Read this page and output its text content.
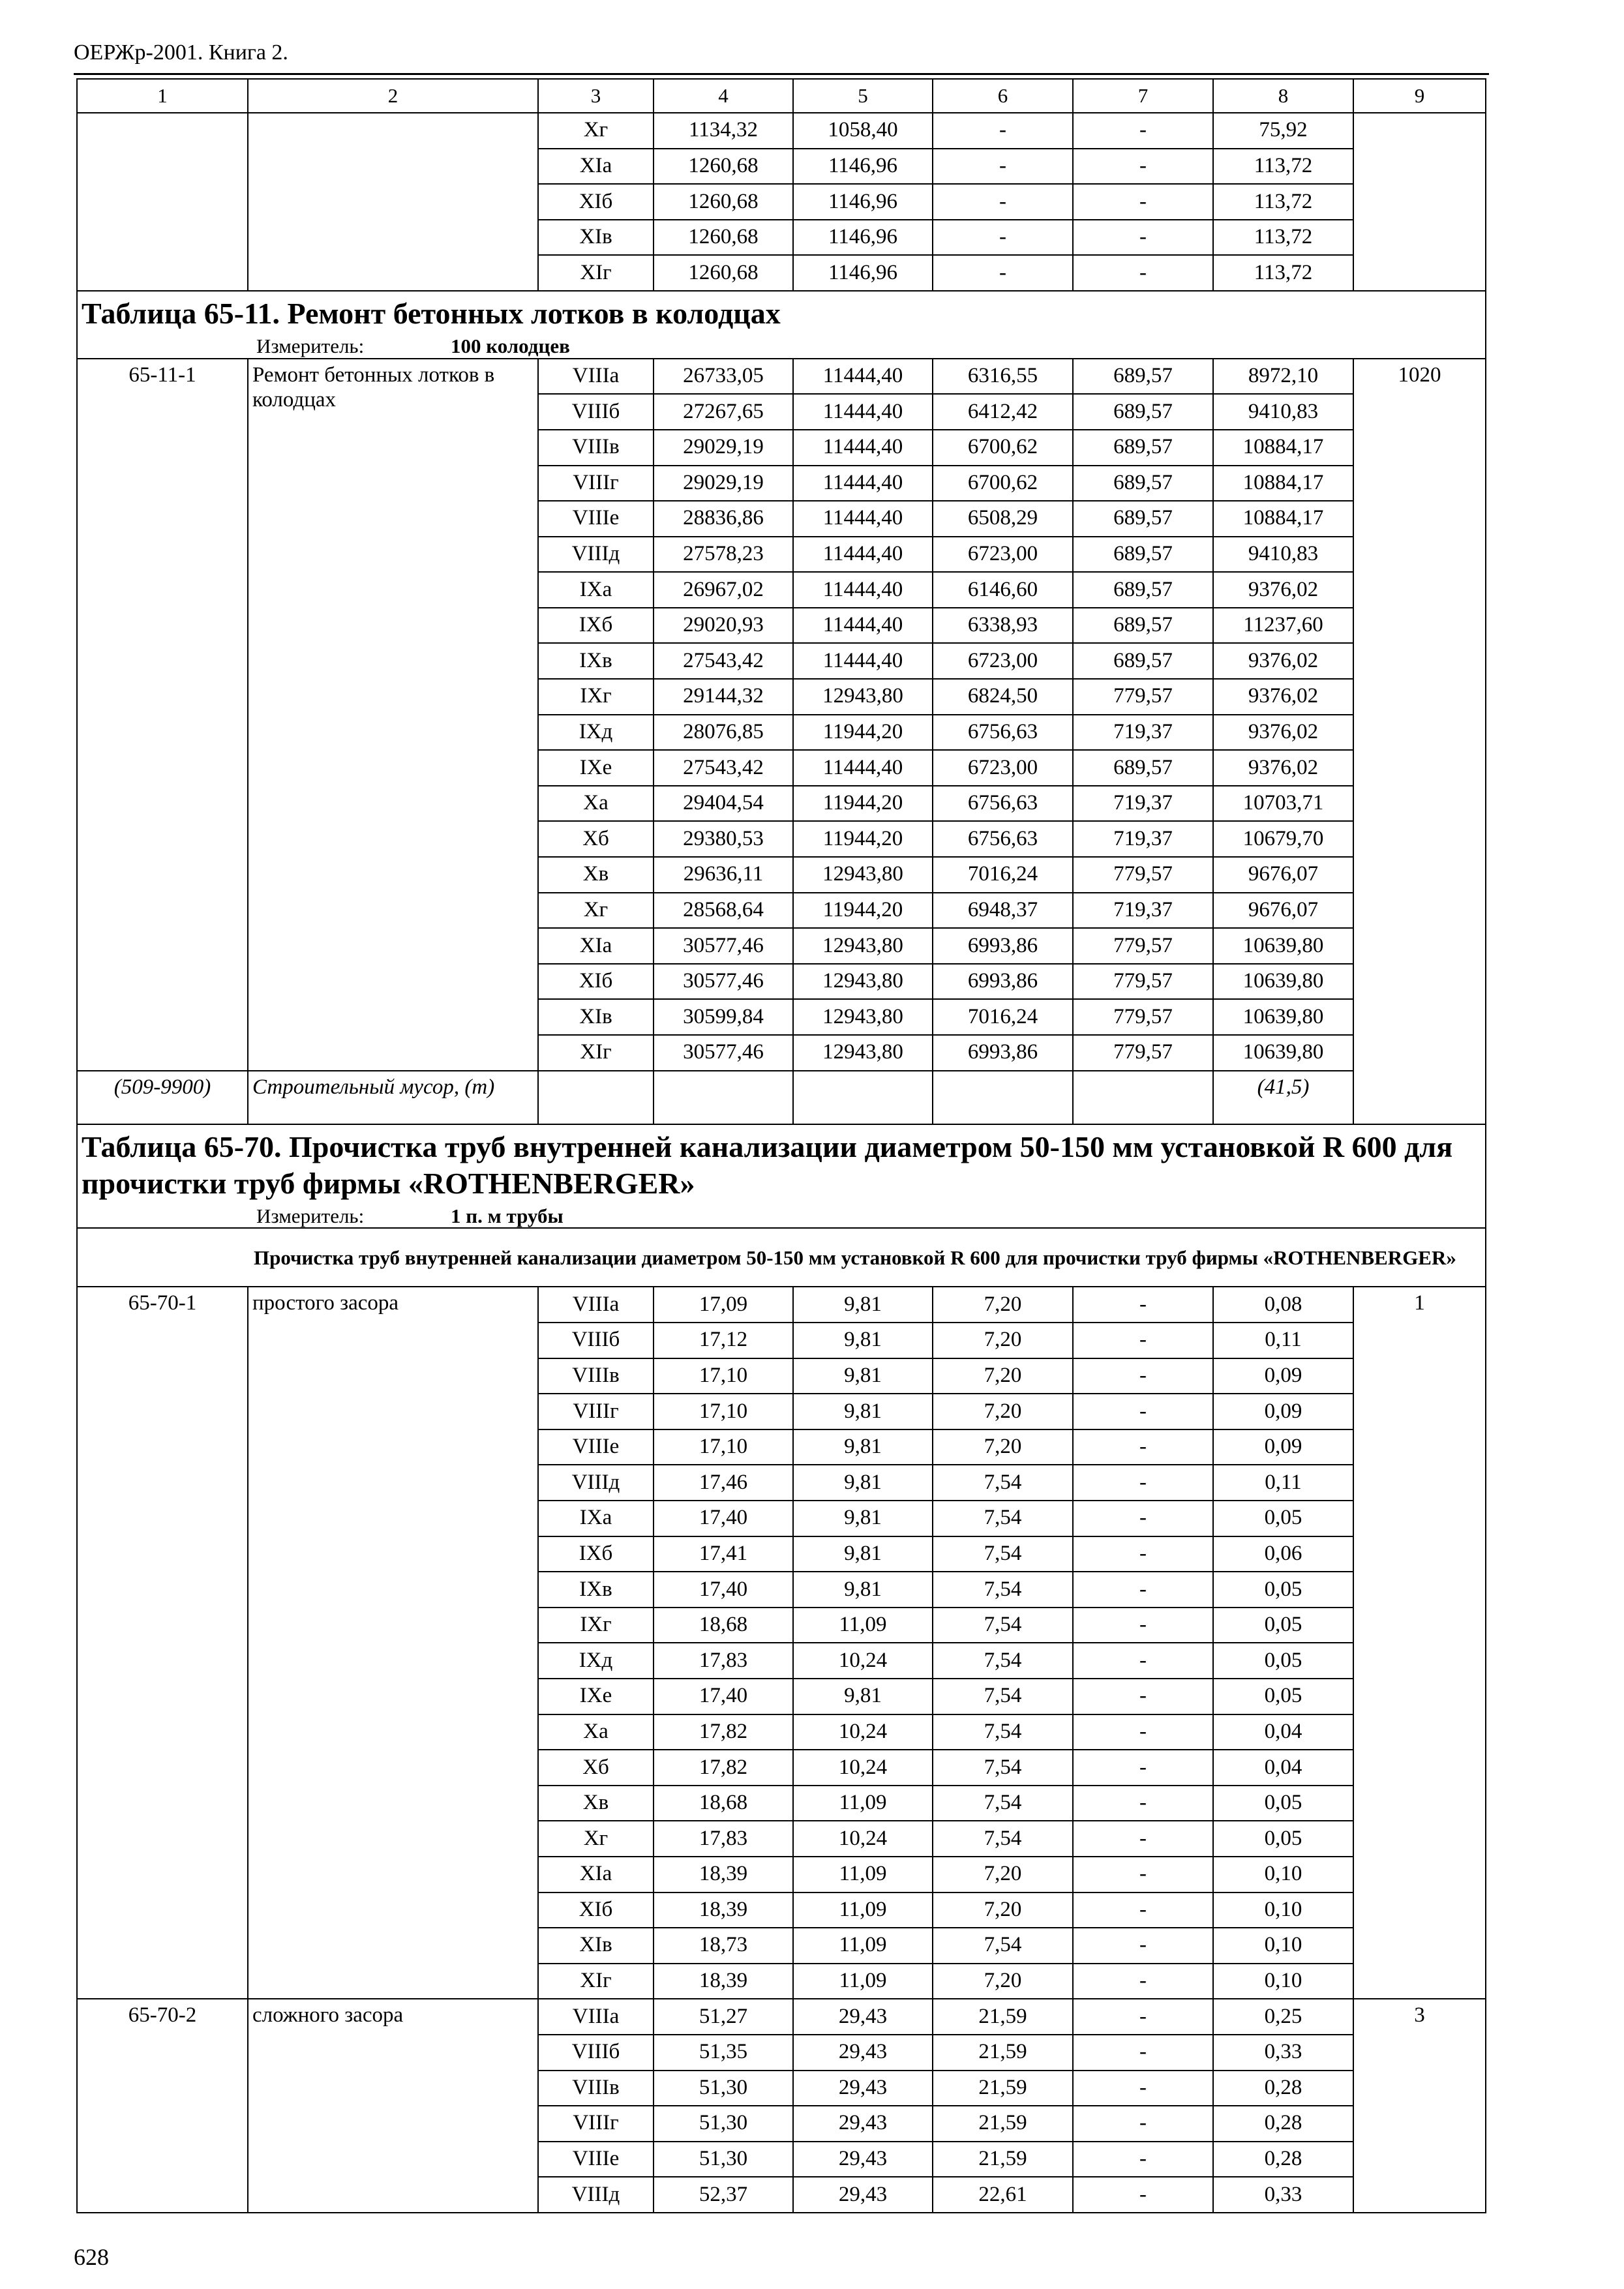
ОЕРЖр-2001. Книга 2.
1	2	3	4	5	6	7	8	9
		Хг	1134,32	1058,40	-	-	75,92	
		XIа	1260,68	1146,96	-	-	113,72	
		XIб	1260,68	1146,96	-	-	113,72	
		XIв	1260,68	1146,96	-	-	113,72	
		XIг	1260,68	1146,96	-	-	113,72	

Таблица 65-11. Ремонт бетонных лотков в колодцах
Измеритель: 100 колодцев								

65-11-1	Ремонт бетонных лотков в колодцах	VIIIа	26733,05	11444,40	6316,55	689,57	8972,10	1020
		VIIIб	27267,65	11444,40	6412,42	689,57	9410,83	
		VIIIв	29029,19	11444,40	6700,62	689,57	10884,17	
		VIIIг	29029,19	11444,40	6700,62	689,57	10884,17	
		VIIIе	28836,86	11444,40	6508,29	689,57	10884,17	
		VIIIд	27578,23	11444,40	6723,00	689,57	9410,83	
		IXа	26967,02	11444,40	6146,60	689,57	9376,02	
		IXб	29020,93	11444,40	6338,93	689,57	11237,60	
		IXв	27543,42	11444,40	6723,00	689,57	9376,02	
		IXг	29144,32	12943,80	6824,50	779,57	9376,02	
		IXд	28076,85	11944,20	6756,63	719,37	9376,02	
		IXе	27543,42	11444,40	6723,00	689,57	9376,02	
		Ха	29404,54	11944,20	6756,63	719,37	10703,71	
		Хб	29380,53	11944,20	6756,63	719,37	10679,70	
		Хв	29636,11	12943,80	7016,24	779,57	9676,07	
		Хг	28568,64	11944,20	6948,37	719,37	9676,07	
		XIа	30577,46	12943,80	6993,86	779,57	10639,80	
		XIб	30577,46	12943,80	6993,86	779,57	10639,80	
		XIв	30599,84	12943,80	7016,24	779,57	10639,80	
		XIг	30577,46	12943,80	6993,86	779,57	10639,80	
(509-9900)	Строительный мусор, (т)						(41,5)	

Таблица 65-70. Прочистка труб внутренней канализации диаметром 50-150 мм установкой R 600 для прочистки труб фирмы «ROTHENBERGER»
Измеритель: 1 п. м трубы								

Прочистка труб внутренней канализации диаметром 50-150 мм установкой R 600 для прочистки труб фирмы «ROTHENBERGER»								
65-70-1	простого засора	VIIIа	17,09	9,81	7,20	-	0,08	1
		VIIIб	17,12	9,81	7,20	-	0,11	
		VIIIв	17,10	9,81	7,20	-	0,09	
		VIIIг	17,10	9,81	7,20	-	0,09	
		VIIIе	17,10	9,81	7,20	-	0,09	
		VIIIд	17,46	9,81	7,54	-	0,11	
		IXа	17,40	9,81	7,54	-	0,05	
		IXб	17,41	9,81	7,54	-	0,06	
		IXв	17,40	9,81	7,54	-	0,05	
		IXг	18,68	11,09	7,54	-	0,05	
		IXд	17,83	10,24	7,54	-	0,05	
		IXе	17,40	9,81	7,54	-	0,05	
		Ха	17,82	10,24	7,54	-	0,04	
		Хб	17,82	10,24	7,54	-	0,04	
		Хв	18,68	11,09	7,54	-	0,05	
		Хг	17,83	10,24	7,54	-	0,05	
		XIа	18,39	11,09	7,20	-	0,10	
		XIб	18,39	11,09	7,20	-	0,10	
		XIв	18,73	11,09	7,54	-	0,10	
		XIг	18,39	11,09	7,20	-	0,10	
65-70-2	сложного засора	VIIIа	51,27	29,43	21,59	-	0,25	3
		VIIIб	51,35	29,43	21,59	-	0,33	
		VIIIв	51,30	29,43	21,59	-	0,28	
		VIIIг	51,30	29,43	21,59	-	0,28	
		VIIIе	51,30	29,43	21,59	-	0,28	
		VIIIд	52,37	29,43	22,61	-	0,33	
628
